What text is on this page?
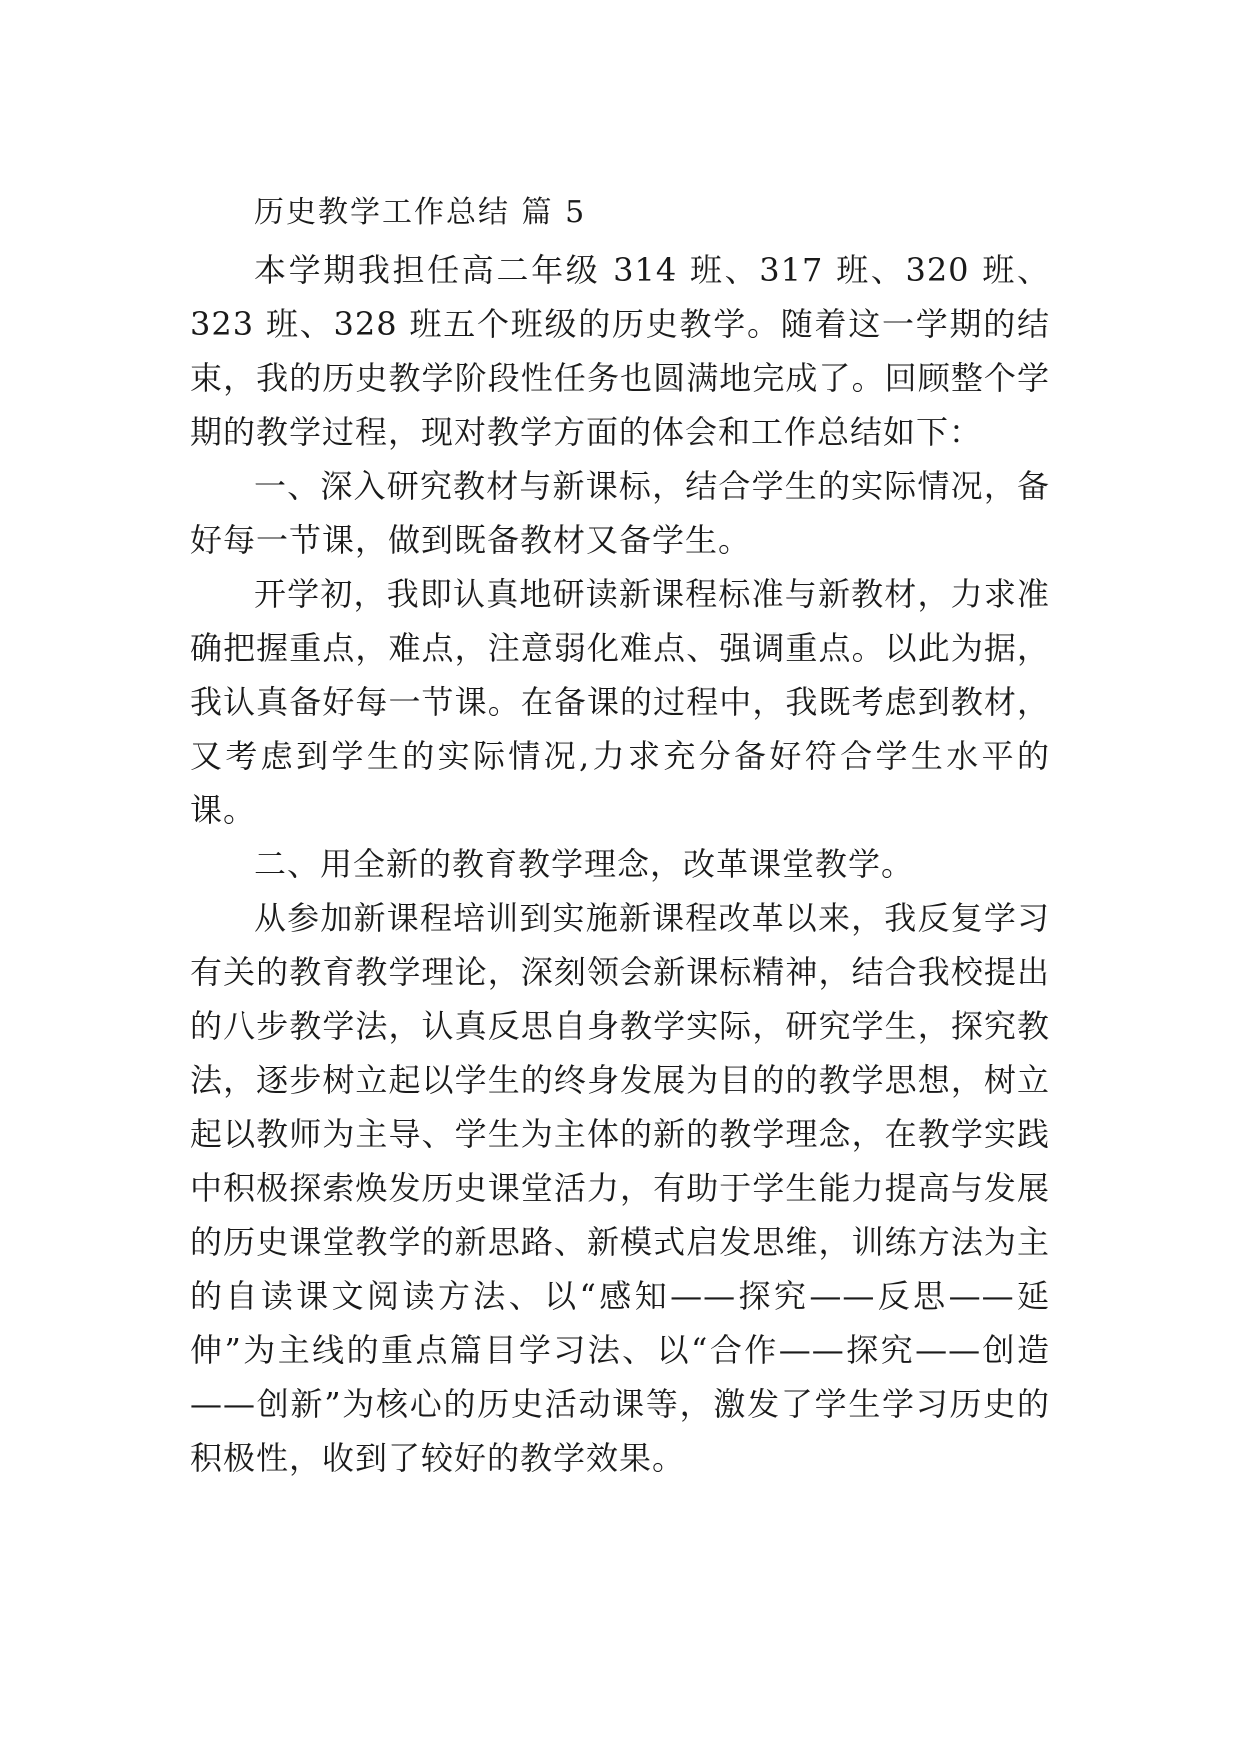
历史教学工作总结 篇 5

本学期我担任高二年级 314 班、317 班、320 班、323 班、328 班五个班级的历史教学。随着这一学期的结束，我的历史教学阶段性任务也圆满地完成了。回顾整个学期的教学过程，现对教学方面的体会和工作总结如下：

一、深入研究教材与新课标，结合学生的实际情况，备好每一节课，做到既备教材又备学生。

开学初，我即认真地研读新课程标准与新教材，力求准确把握重点，难点，注意弱化难点、强调重点。以此为据，我认真备好每一节课。在备课的过程中，我既考虑到教材，又考虑到学生的实际情况,力求充分备好符合学生水平的课。

二、用全新的教育教学理念，改革课堂教学。

从参加新课程培训到实施新课程改革以来，我反复学习有关的教育教学理论，深刻领会新课标精神，结合我校提出的八步教学法，认真反思自身教学实际，研究学生，探究教法，逐步树立起以学生的终身发展为目的的教学思想，树立起以教师为主导、学生为主体的新的教学理念，在教学实践中积极探索焕发历史课堂活力，有助于学生能力提高与发展的历史课堂教学的新思路、新模式启发思维，训练方法为主的自读课文阅读方法、以“感知——探究——反思——延伸”为主线的重点篇目学习法、以“合作——探究——创造——创新”为核心的历史活动课等，激发了学生学习历史的积极性，收到了较好的教学效果。
